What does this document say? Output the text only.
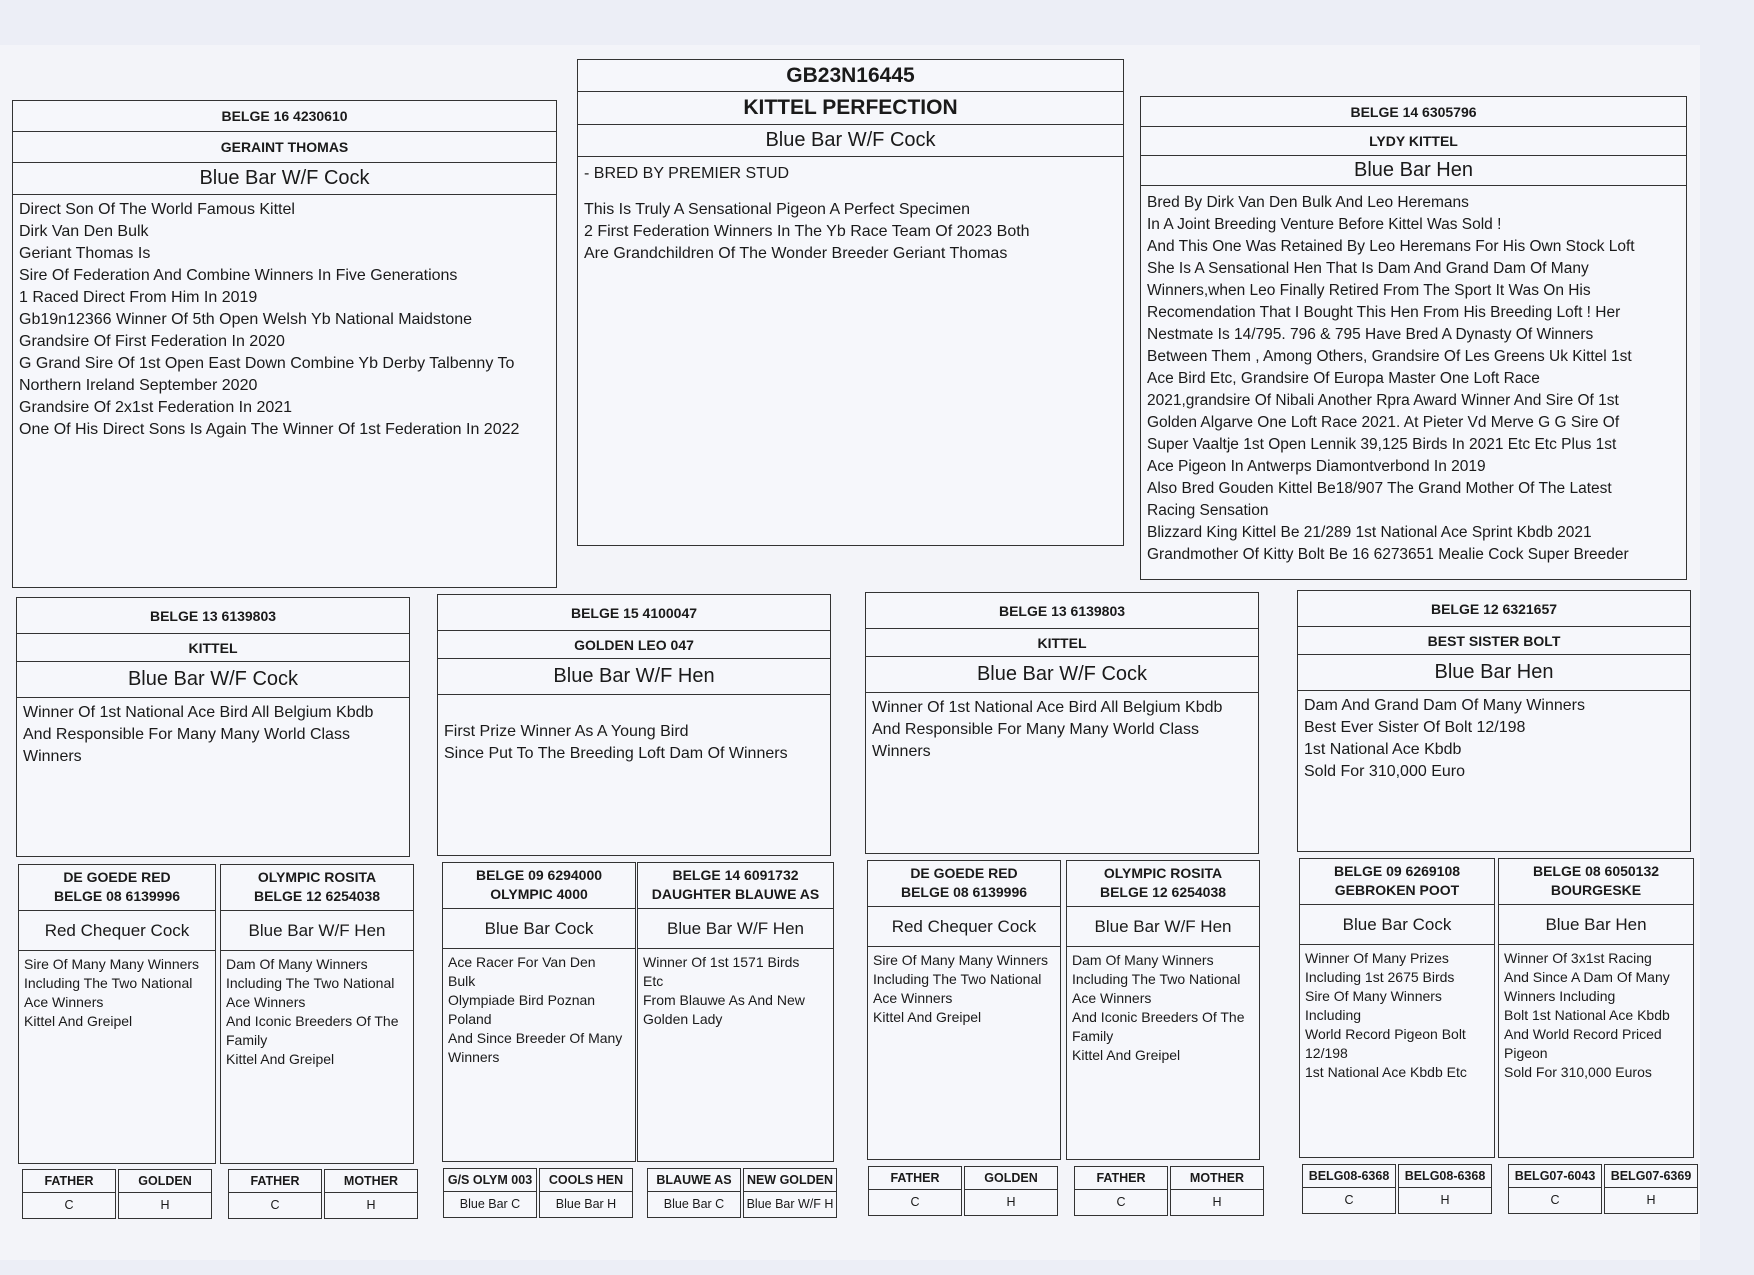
BELGE 16 4230610
GERAINT THOMAS
Blue Bar W/F Cock
Direct Son Of The World Famous Kittel
Dirk Van Den Bulk
Geriant Thomas Is
Sire Of Federation And Combine Winners In Five Generations
1 Raced Direct From Him In 2019
Gb19n12366 Winner Of 5th Open Welsh Yb National Maidstone
Grandsire Of First Federation In 2020
G Grand Sire Of 1st Open East Down Combine Yb Derby Talbenny To
Northern Ireland September 2020
Grandsire Of 2x1st Federation In 2021
One Of His Direct Sons Is Again The Winner Of 1st Federation In 2022
GB23N16445
KITTEL PERFECTION
Blue Bar W/F Cock
- BRED BY PREMIER STUD
This Is Truly A Sensational Pigeon A Perfect Specimen
2 First Federation Winners In The Yb Race Team Of 2023 Both
Are Grandchildren Of The Wonder Breeder Geriant Thomas
BELGE 14 6305796
LYDY KITTEL
Blue Bar Hen
Bred By Dirk Van Den Bulk And Leo Heremans
In A Joint Breeding Venture Before Kittel Was Sold !
And This One Was Retained By Leo Heremans For His Own Stock Loft
She Is A Sensational Hen That Is Dam And Grand Dam Of Many
Winners,when Leo Finally Retired From The Sport It Was On His
Recomendation That I Bought This Hen From His Breeding Loft ! Her
Nestmate Is 14/795. 796 & 795 Have Bred A Dynasty Of Winners
Between Them , Among Others, Grandsire Of Les Greens Uk Kittel 1st
Ace Bird Etc, Grandsire Of Europa Master One Loft Race
2021,grandsire Of Nibali Another Rpra Award Winner And Sire Of 1st
Golden Algarve One Loft Race 2021. At Pieter Vd Merve G G Sire Of
Super Vaaltje 1st Open Lennik 39,125 Birds In 2021 Etc Etc Plus 1st
Ace Pigeon In Antwerps Diamontverbond In 2019
Also Bred Gouden Kittel Be18/907 The Grand Mother Of The Latest
Racing Sensation
Blizzard King Kittel Be 21/289 1st National Ace Sprint Kbdb 2021
Grandmother Of Kitty Bolt Be 16 6273651 Mealie Cock Super Breeder
BELGE 13 6139803
KITTEL
Blue Bar W/F Cock
Winner Of 1st National Ace Bird All Belgium Kbdb
And Responsible For Many Many World Class
Winners
BELGE 15 4100047
GOLDEN LEO 047
Blue Bar W/F Hen

First Prize Winner As A Young Bird
Since Put To The Breeding Loft Dam Of Winners
BELGE 13 6139803
KITTEL
Blue Bar W/F Cock
Winner Of 1st National Ace Bird All Belgium Kbdb
And Responsible For Many Many World Class
Winners
BELGE 12 6321657
BEST SISTER BOLT
Blue Bar Hen
Dam And Grand Dam Of Many Winners
Best Ever Sister Of Bolt 12/198
1st National Ace Kbdb
Sold For 310,000 Euro
DE GOEDE RED
BELGE 08 6139996
Red Chequer Cock
Sire Of Many Many Winners
Including The Two National
Ace Winners
Kittel And Greipel
OLYMPIC ROSITA
BELGE 12 6254038
Blue Bar W/F Hen
Dam Of Many Winners
Including The Two National
Ace Winners
And Iconic Breeders Of The
Family
Kittel And Greipel
BELGE 09 6294000
OLYMPIC 4000
Blue Bar Cock
Ace Racer For Van Den
Bulk
Olympiade Bird Poznan
Poland
And Since Breeder Of Many
Winners
BELGE 14 6091732
DAUGHTER BLAUWE AS
Blue Bar W/F Hen
Winner Of 1st 1571 Birds
Etc
From Blauwe As And New
Golden Lady
DE GOEDE RED
BELGE 08 6139996
Red Chequer Cock
Sire Of Many Many Winners
Including The Two National
Ace Winners
Kittel And Greipel
OLYMPIC ROSITA
BELGE 12 6254038
Blue Bar W/F Hen
Dam Of Many Winners
Including The Two National
Ace Winners
And Iconic Breeders Of The
Family
Kittel And Greipel
BELGE 09 6269108
GEBROKEN POOT
Blue Bar Cock
Winner Of Many Prizes
Including 1st 2675 Birds
Sire Of Many Winners
Including
World Record Pigeon Bolt
12/198
1st National Ace Kbdb Etc
BELGE 08 6050132
BOURGESKE
Blue Bar Hen
Winner Of 3x1st Racing
And Since A Dam Of Many
Winners Including
Bolt 1st National Ace Kbdb
And World Record Priced
Pigeon
Sold For 310,000 Euros
FATHER
C
GOLDEN
H
FATHER
C
MOTHER
H
G/S OLYM 003
Blue Bar C
COOLS HEN
Blue Bar H
BLAUWE AS
Blue Bar C
NEW GOLDEN
Blue Bar W/F H
FATHER
C
GOLDEN
H
FATHER
C
MOTHER
H
BELG08-6368
C
BELG08-6368
H
BELG07-6043
C
BELG07-6369
H
